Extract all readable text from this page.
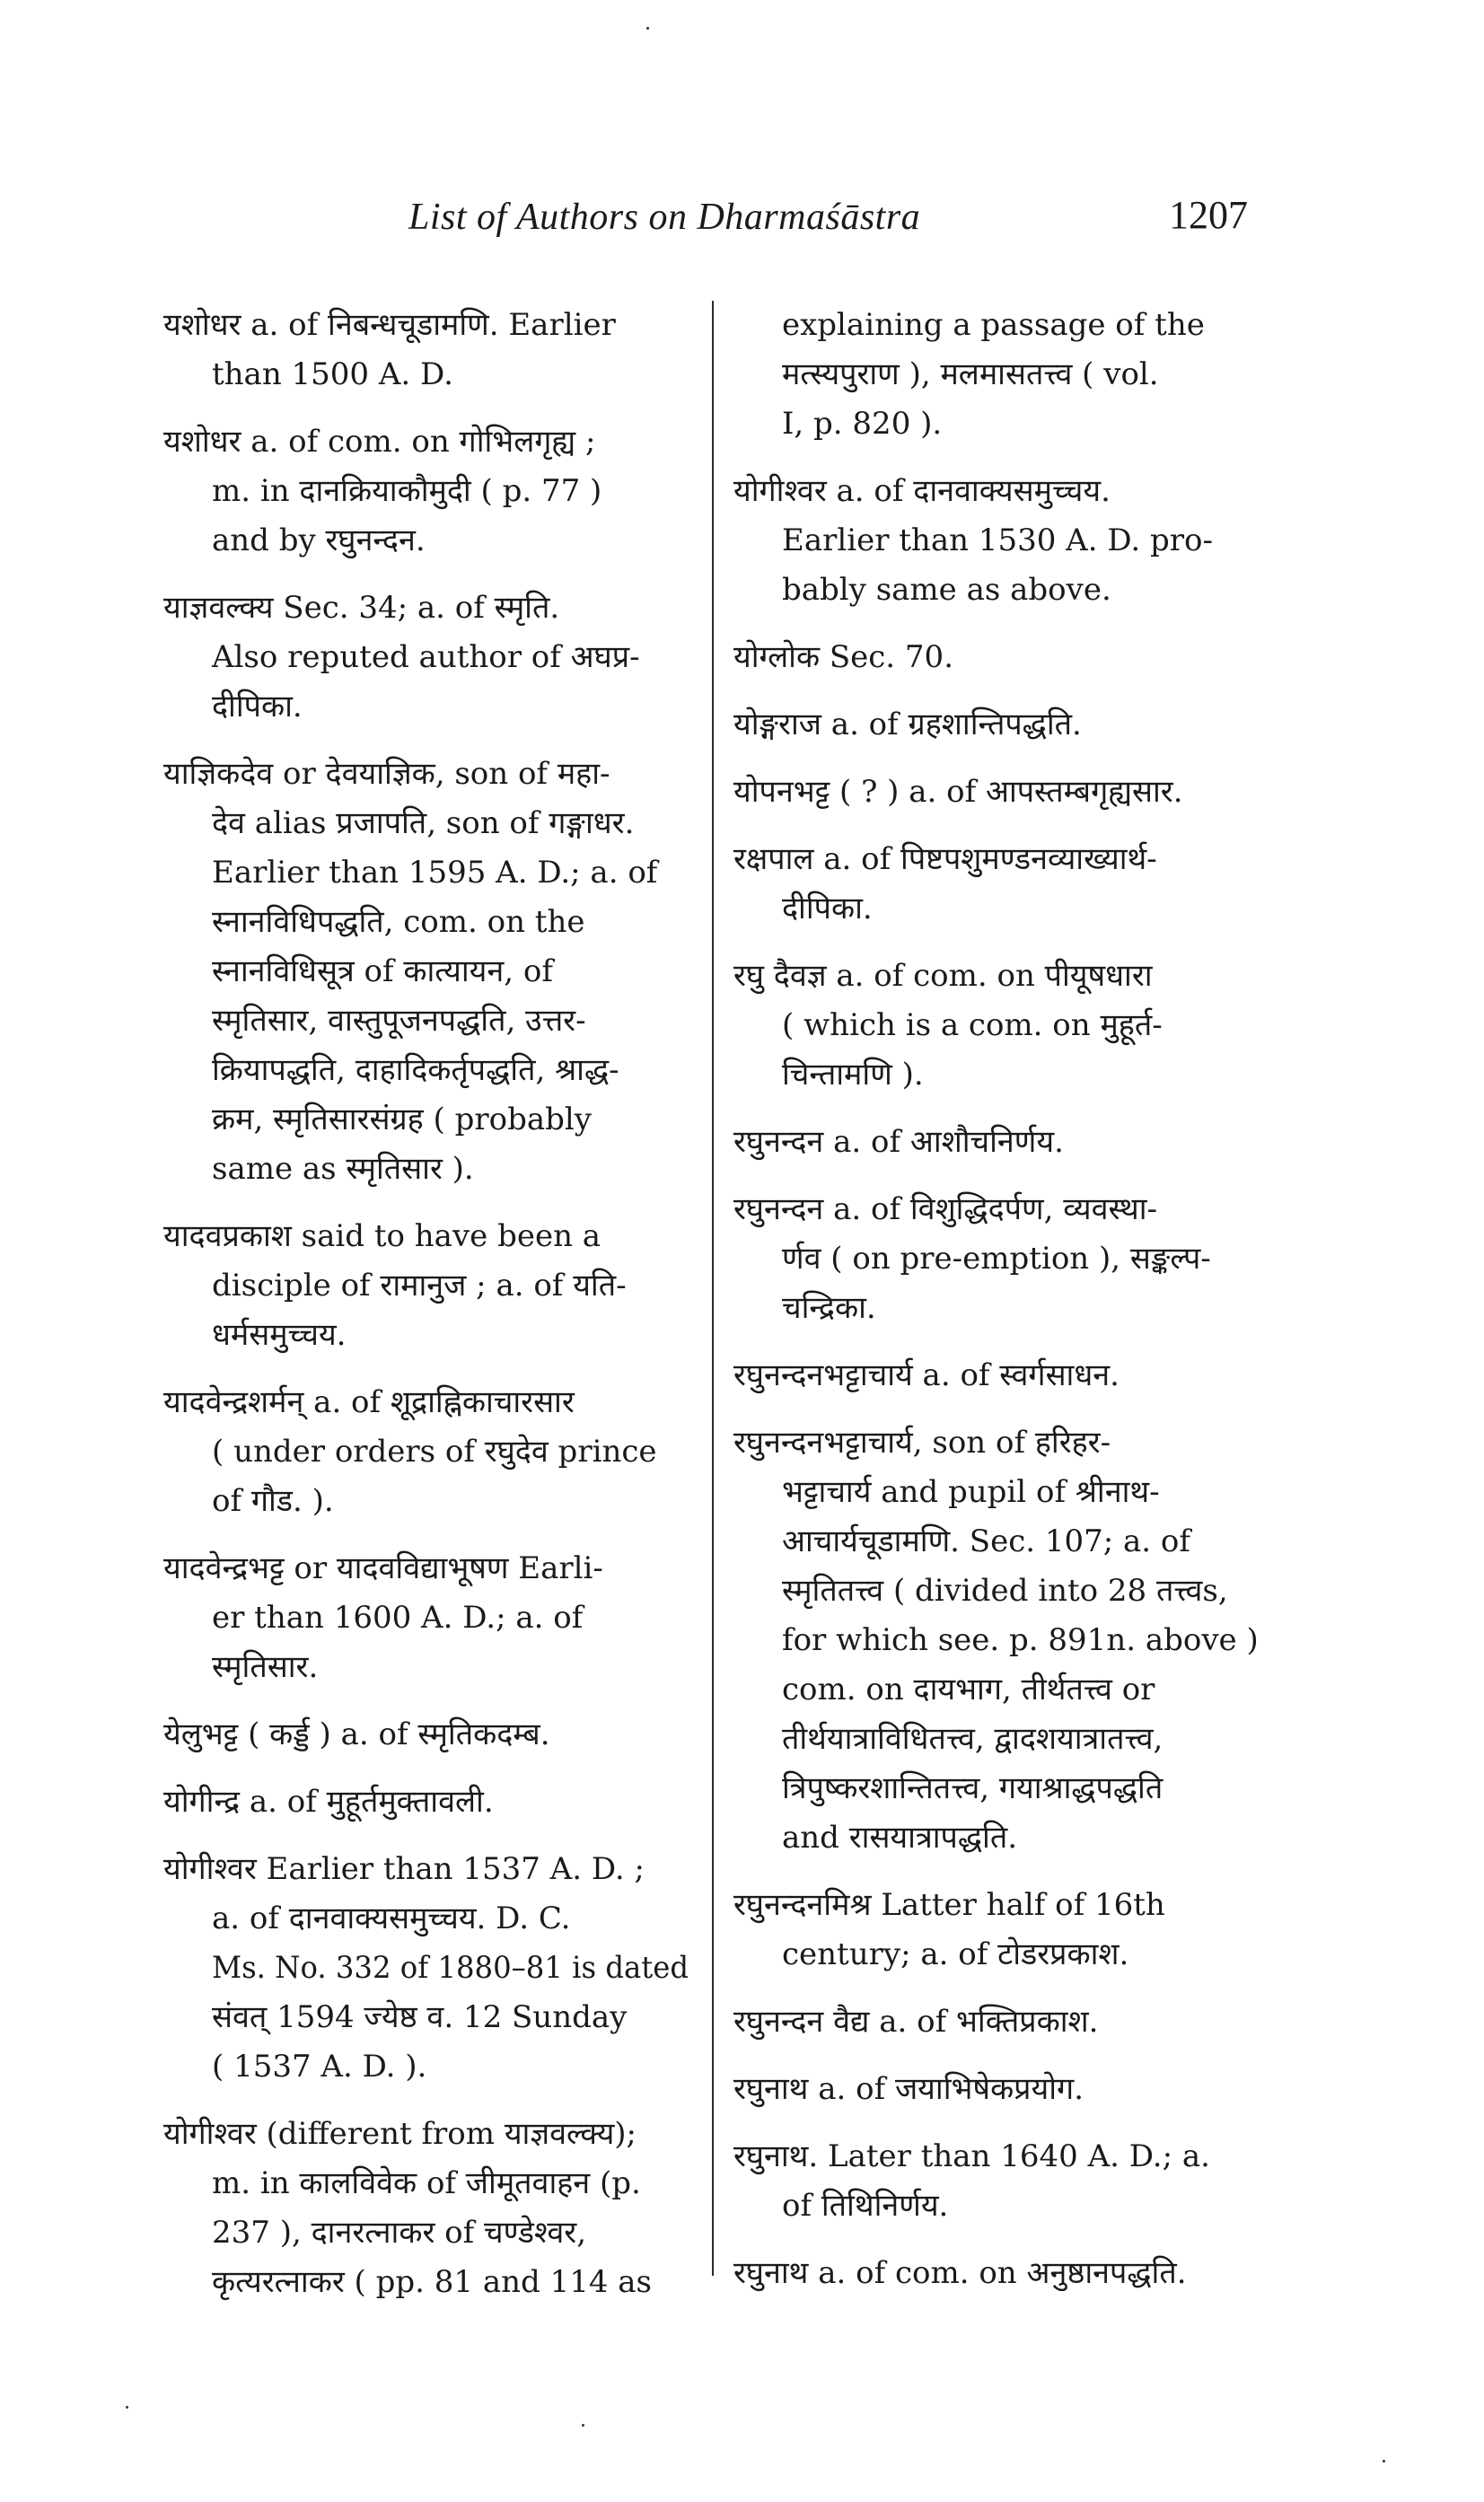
List of Authors on Dharmaśāstra	1207
यशोधर a. of निबन्धचूडामणि. Earlier
than 1500 A. D.
यशोधर a. of com. on गोभिलगृह्य ;
m. in दानक्रियाकौमुदी ( p. 77 )
and by रघुनन्दन.
याज्ञवल्क्य Sec. 34; a. of स्मृति.
Also reputed author of अघप्र-
दीपिका.
याज्ञिकदेव or देवयाज्ञिक, son of महा-
देव alias प्रजापति, son of गङ्गाधर.
Earlier than 1595 A. D.; a. of
स्नानविधिपद्धति, com. on the
स्नानविधिसूत्र of कात्यायन, of
स्मृतिसार, वास्तुपूजनपद्धति, उत्तर-
क्रियापद्धति, दाहादिकर्तृपद्धति, श्राद्ध-
क्रम, स्मृतिसारसंग्रह ( probably
same as स्मृतिसार ).
यादवप्रकाश said to have been a
disciple of रामानुज ; a. of यति-
धर्मसमुच्चय.
यादवेन्द्रशर्मन् a. of शूद्राह्निकाचारसार
( under orders of रघुदेव prince
of गौड. ).
यादवेन्द्रभट्ट or यादवविद्याभूषण Earli-
er than 1600 A. D.; a. of
स्मृतिसार.
येलुभट्ट ( कर्ड्ड ) a. of स्मृतिकदम्ब.
योगीन्द्र a. of मुहूर्तमुक्तावली.
योगीश्वर Earlier than 1537 A. D. ;
a. of दानवाक्यसमुच्चय. D. C.
Ms. No. 332 of 1880–81 is dated
संवत् 1594 ज्येष्ठ व. 12 Sunday
( 1537 A. D. ).
योगीश्वर (different from याज्ञवल्क्य);
m. in कालविवेक of जीमूतवाहन (p.
237 ), दानरत्नाकर of चण्डेश्वर,
कृत्यरत्नाकर ( pp. 81 and 114 as
explaining a passage of the
मत्स्यपुराण ), मलमासतत्त्व ( vol.
I, p. 820 ).
योगीश्वर a. of दानवाक्यसमुच्चय.
Earlier than 1530 A. D. pro-
bably same as above.
योग्लोक Sec. 70.
योङ्गराज a. of ग्रहशान्तिपद्धति.
योपनभट्ट ( ? ) a. of आपस्तम्बगृह्यसार.
रक्षपाल a. of पिष्टपशुमण्डनव्याख्यार्थ-
दीपिका.
रघु दैवज्ञ a. of com. on पीयूषधारा
( which is a com. on मुहूर्त-
चिन्तामणि ).
रघुनन्दन a. of आशौचनिर्णय.
रघुनन्दन a. of विशुद्धिदर्पण, व्यवस्था-
र्णव ( on pre-emption ), सङ्कल्प-
चन्द्रिका.
रघुनन्दनभट्टाचार्य a. of स्वर्गसाधन.
रघुनन्दनभट्टाचार्य, son of हरिहर-
भट्टाचार्य and pupil of श्रीनाथ-
आचार्यचूडामणि. Sec. 107; a. of
स्मृतितत्त्व ( divided into 28 तत्त्वs,
for which see. p. 891n. above )
com. on दायभाग, तीर्थतत्त्व or
तीर्थयात्राविधितत्त्व, द्वादशयात्रातत्त्व,
त्रिपुष्करशान्तितत्त्व, गयाश्राद्धपद्धति
and रासयात्रापद्धति.
रघुनन्दनमिश्र Latter half of 16th
century; a. of टोडरप्रकाश.
रघुनन्दन वैद्य a. of भक्तिप्रकाश.
रघुनाथ a. of जयाभिषेकप्रयोग.
रघुनाथ. Later than 1640 A. D.; a.
of तिथिनिर्णय.
रघुनाथ a. of com. on अनुष्ठानपद्धति.
